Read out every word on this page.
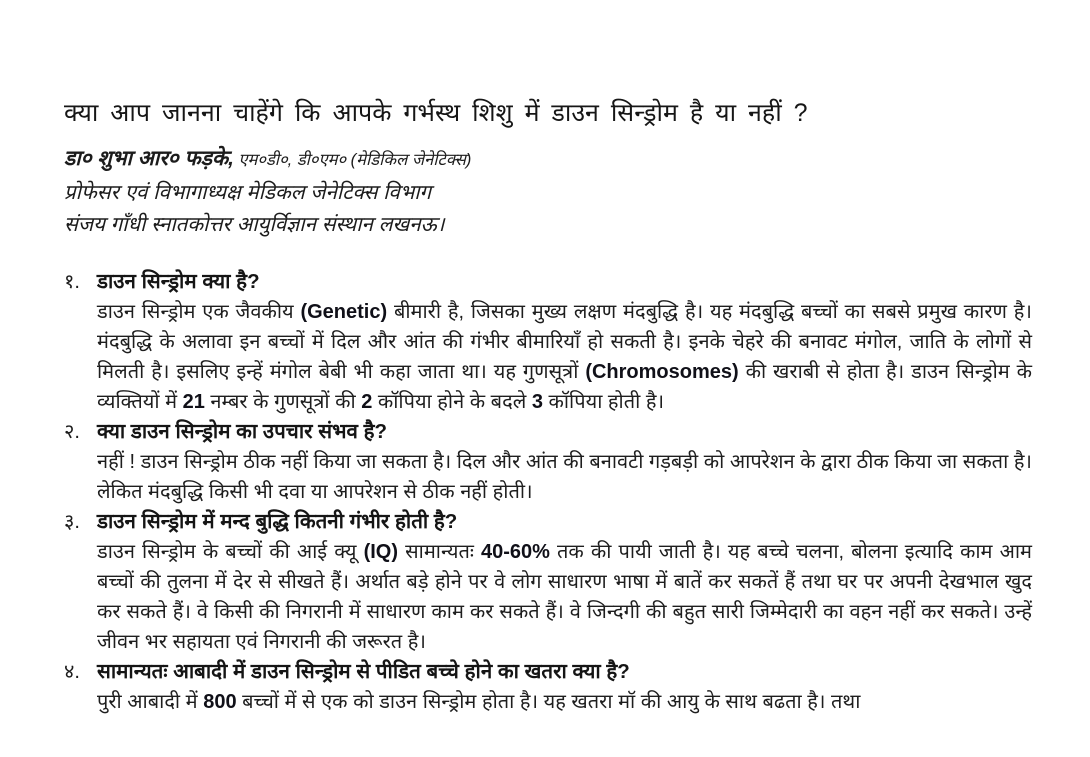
क्या आप जानना चाहेंगे कि आपके गर्भस्थ शिशु में डाउन सिन्ड्रोम है या नहीं ?

डा० शुभा आर० फड़के, एम०डी०, डी०एम० (मेडिकिल जेनेटिक्स)

प्रोफेसर एवं विभागाध्यक्ष मेडिकल जेनेटिक्स विभाग

संजय गाँधी स्नातकोत्तर आयुर्विज्ञान संस्थान लखनऊ।

१. डाउन सिन्ड्रोम क्या है?
डाउन सिन्ड्रोम एक जैवकीय (Genetic) बीमारी है, जिसका मुख्य लक्षण मंदबुद्धि है। यह मंदबुद्धि बच्चों का सबसे प्रमुख कारण है। मंदबुद्धि के अलावा इन बच्चों में दिल और आंत की गंभीर बीमारियाँ हो सकती है। इनके चेहरे की बनावट मंगोल, जाति के लोगों से मिलती है। इसलिए इन्हें मंगोल बेबी भी कहा जाता था। यह गुणसूत्रों (Chromosomes) की खराबी से होता है। डाउन सिन्ड्रोम के व्यक्तियों में 21 नम्बर के गुणसूत्रों की 2 कॉपिया होने के बदले 3 कॉपिया होती है।
२. क्या डाउन सिन्ड्रोम का उपचार संभव है?
नहीं ! डाउन सिन्ड्रोम ठीक नहीं किया जा सकता है। दिल और आंत की बनावटी गड़बड़ी को आपरेशन के द्वारा ठीक किया जा सकता है। लेकित मंदबुद्धि किसी भी दवा या आपरेशन से ठीक नहीं होती।
३. डाउन सिन्ड्रोम में मन्द बुद्धि कितनी गंभीर होती है?
डाउन सिन्ड्रोम के बच्चों की आई क्यू (IQ) सामान्यतः 40-60% तक की पायी जाती है। यह बच्चे चलना, बोलना इत्यादि काम आम बच्चों की तुलना में देर से सीखते हैं। अर्थात बड़े होने पर वे लोग साधारण भाषा में बातें कर सकतें हैं तथा घर पर अपनी देखभाल खुद कर सकते हैं। वे किसी की निगरानी में साधारण काम कर सकते हैं। वे जिन्दगी की बहुत सारी जिम्मेदारी का वहन नहीं कर सकते। उन्हें जीवन भर सहायता एवं निगरानी की जरूरत है।
४. सामान्यतः आबादी में डाउन सिन्ड्रोम से पीडित बच्चे होने का खतरा क्या है?
पुरी आबादी में 800 बच्चों में से एक को डाउन सिन्ड्रोम होता है। यह खतरा मॉ की आयु के साथ बढता है। तथा
